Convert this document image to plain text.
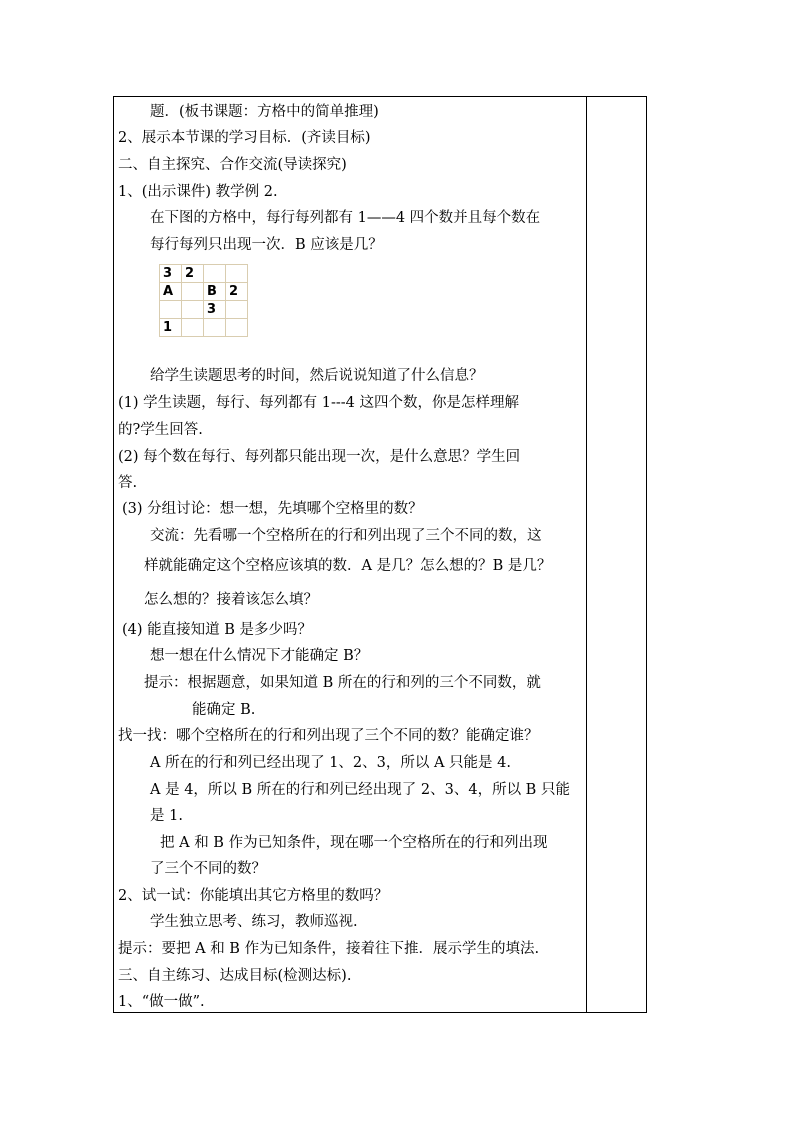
题．(板书课题：方格中的简单推理)
2、展示本节课的学习目标．(齐读目标)
二、自主探究、合作交流(导读探究)
1、(出示课件) 教学例 2.
在下图的方格中，每行每列都有 1——4 四个数并且每个数在
每行每列只出现一次．B 应该是几？
3	2		
A		B	2
		3	
1			
给学生读题思考的时间，然后说说知道了什么信息？
(1) 学生读题，每行、每列都有 1---4 这四个数，你是怎样理解
的?学生回答.
(2) 每个数在每行、每列都只能出现一次，是什么意思？学生回
答.
(3) 分组讨论：想一想，先填哪个空格里的数？
交流：先看哪一个空格所在的行和列出现了三个不同的数，这
样就能确定这个空格应该填的数．A 是几？怎么想的？B 是几？
怎么想的？接着该怎么填？
(4) 能直接知道 B 是多少吗？
想一想在什么情况下才能确定 B？
提示：根据题意，如果知道 B 所在的行和列的三个不同数，就
能确定 B.
找一找：哪个空格所在的行和列出现了三个不同的数？能确定谁？
A 所在的行和列已经出现了 1、2、3，所以 A 只能是 4.
A 是 4，所以 B 所在的行和列已经出现了 2、3、4，所以 B 只能
是 1.
把 A 和 B 作为已知条件，现在哪一个空格所在的行和列出现
了三个不同的数？
2、试一试：你能填出其它方格里的数吗？
学生独立思考、练习，教师巡视.
提示：要把 A 和 B 作为已知条件，接着往下推．展示学生的填法.
三、自主练习、达成目标(检测达标).
1、“做一做”.
